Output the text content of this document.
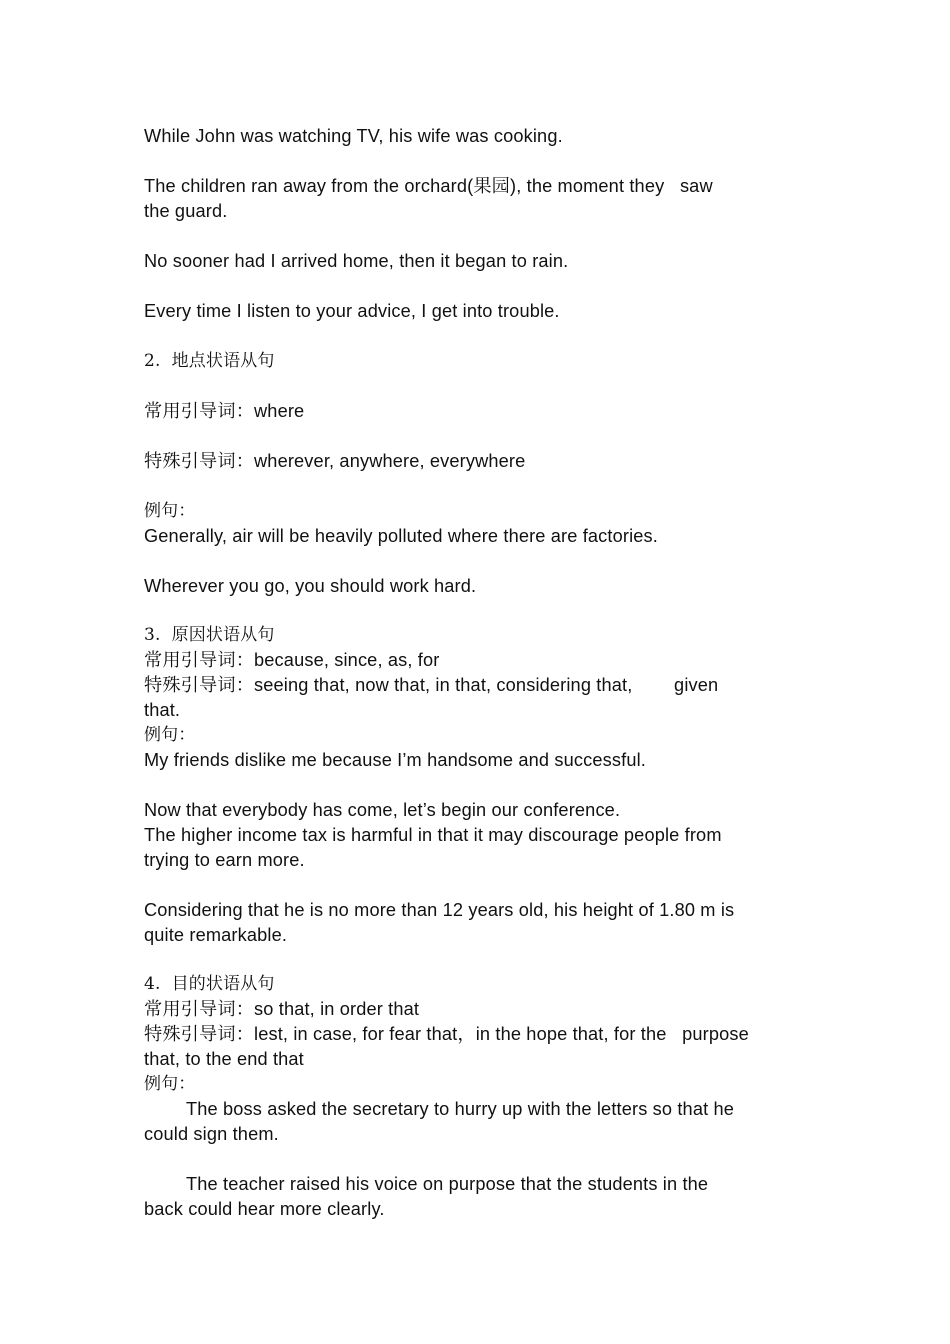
While John was watching TV, his wife was cooking.
The children ran away from the orchard(果园), the moment they   saw
the guard.
No sooner had I arrived home, then it began to rain.
Every time I listen to your advice, I get into trouble.
2.  地点状语从句
常用引导词：where
特殊引导词：wherever, anywhere, everywhere
例句：
Generally, air will be heavily polluted where there are factories.
Wherever you go, you should work hard.
3.  原因状语从句
常用引导词：because, since, as, for
特殊引导词：seeing that, now that, in that, considering that,        given
that.
例句：
My friends dislike me because I’m handsome and successful.
Now that everybody has come, let’s begin our conference.
The higher income tax is harmful in that it may discourage people from
trying to earn more.
Considering that he is no more than 12 years old, his height of 1.80 m is
quite remarkable.
4.  目的状语从句
常用引导词：so that, in order that
特殊引导词：lest, in case, for fear that，in the hope that, for the   purpose
that, to the end that
例句：
The boss asked the secretary to hurry up with the letters so that he
could sign them.
The teacher raised his voice on purpose that the students in the
back could hear more clearly.
